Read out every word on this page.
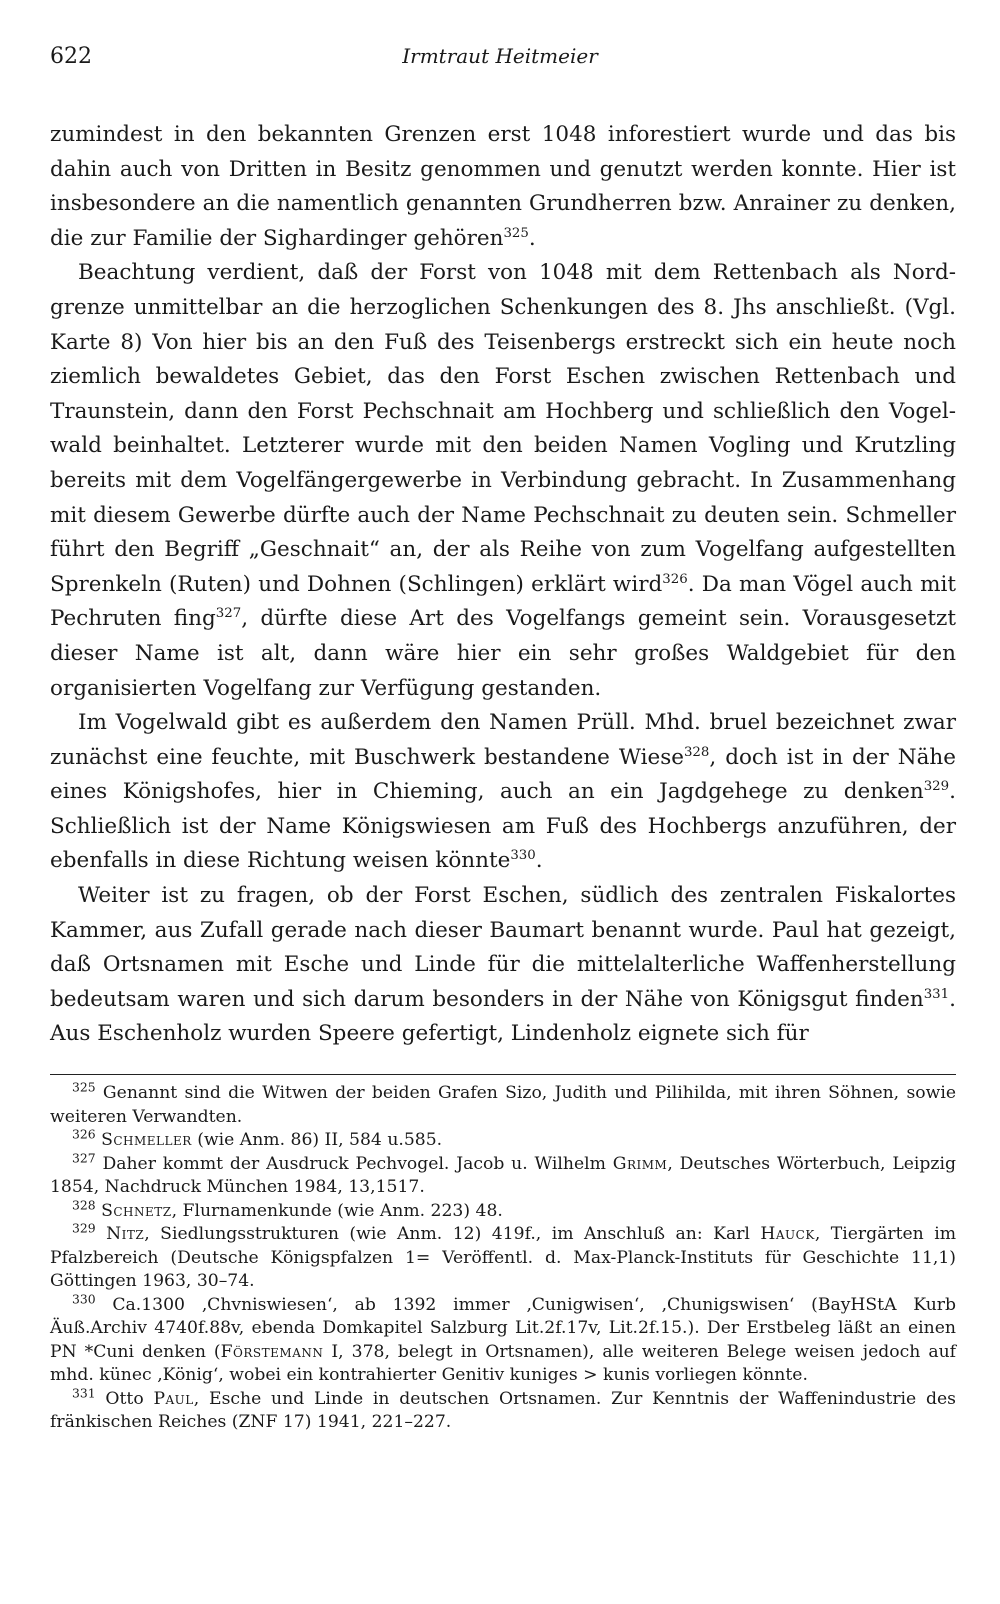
622	Irmtraut Heitmeier

zumindest in den bekannten Grenzen erst 1048 inforestiert wurde und das bis dahin auch von Dritten in Besitz genommen und genutzt werden konnte. Hier ist insbesondere an die namentlich genannten Grundherren bzw. Anrainer zu denken, die zur Familie der Sighardinger gehören$^{325}$.

Beachtung verdient, daß der Forst von 1048 mit dem Rettenbach als Nordgrenze unmittelbar an die herzoglichen Schenkungen des 8. Jhs anschließt. (Vgl. Karte 8) Von hier bis an den Fuß des Teisenbergs erstreckt sich ein heute noch ziemlich bewaldetes Gebiet, das den Forst Eschen zwischen Rettenbach und Traunstein, dann den Forst Pechschnait am Hochberg und schließlich den Vogelwald beinhaltet. Letzterer wurde mit den beiden Namen Vogling und Krutzling bereits mit dem Vogelfängergewerbe in Verbindung gebracht. In Zusammenhang mit diesem Gewerbe dürfte auch der Name Pechschnait zu deuten sein. Schmeller führt den Begriff „Geschnait“ an, der als Reihe von zum Vogelfang aufgestellten Sprenkeln (Ruten) und Dohnen (Schlingen) erklärt wird$^{326}$. Da man Vögel auch mit Pechruten fing$^{327}$, dürfte diese Art des Vogelfangs gemeint sein. Vorausgesetzt dieser Name ist alt, dann wäre hier ein sehr großes Waldgebiet für den organisierten Vogelfang zur Verfügung gestanden.

Im Vogelwald gibt es außerdem den Namen Prüll. Mhd. bruel bezeichnet zwar zunächst eine feuchte, mit Buschwerk bestandene Wiese$^{328}$, doch ist in der Nähe eines Königshofes, hier in Chieming, auch an ein Jagdgehege zu denken$^{329}$. Schließlich ist der Name Königswiesen am Fuß des Hochbergs anzuführen, der ebenfalls in diese Richtung weisen könnte$^{330}$.

Weiter ist zu fragen, ob der Forst Eschen, südlich des zentralen Fiskalortes Kammer, aus Zufall gerade nach dieser Baumart benannt wurde. Paul hat gezeigt, daß Ortsnamen mit Esche und Linde für die mittelalterliche Waffenherstellung bedeutsam waren und sich darum besonders in der Nähe von Königsgut finden$^{331}$. Aus Eschenholz wurden Speere gefertigt, Lindenholz eignete sich für

$^{325}$ Genannt sind die Witwen der beiden Grafen Sizo, Judith und Pilihilda, mit ihren Söhnen, sowie weiteren Verwandten.

$^{326}$ Schmeller (wie Anm. 86) II, 584 u.585.

$^{327}$ Daher kommt der Ausdruck Pechvogel. Jacob u. Wilhelm Grimm, Deutsches Wörterbuch, Leipzig 1854, Nachdruck München 1984, 13,1517.

$^{328}$ Schnetz, Flurnamenkunde (wie Anm. 223) 48.

$^{329}$ Nitz, Siedlungsstrukturen (wie Anm. 12) 419f., im Anschluß an: Karl Hauck, Tiergärten im Pfalzbereich (Deutsche Königspfalzen 1= Veröffentl. d. Max-Planck-Instituts für Geschichte 11,1) Göttingen 1963, 30–74.

$^{330}$ Ca.1300 ‚Chvniswiesen‘, ab 1392 immer ‚Cunigwisen‘, ‚Chunigswisen‘ (BayHStA Kurb Äuß.Archiv 4740f.88v, ebenda Domkapitel Salzburg Lit.2f.17v, Lit.2f.15.). Der Erstbeleg läßt an einen PN *Cuni denken (Förstemann I, 378, belegt in Ortsnamen), alle weiteren Belege weisen jedoch auf mhd. künec ‚König‘, wobei ein kontrahierter Genitiv kuniges > kunis vorliegen könnte.

$^{331}$ Otto Paul, Esche und Linde in deutschen Ortsnamen. Zur Kenntnis der Waffenindustrie des fränkischen Reiches (ZNF 17) 1941, 221–227.
